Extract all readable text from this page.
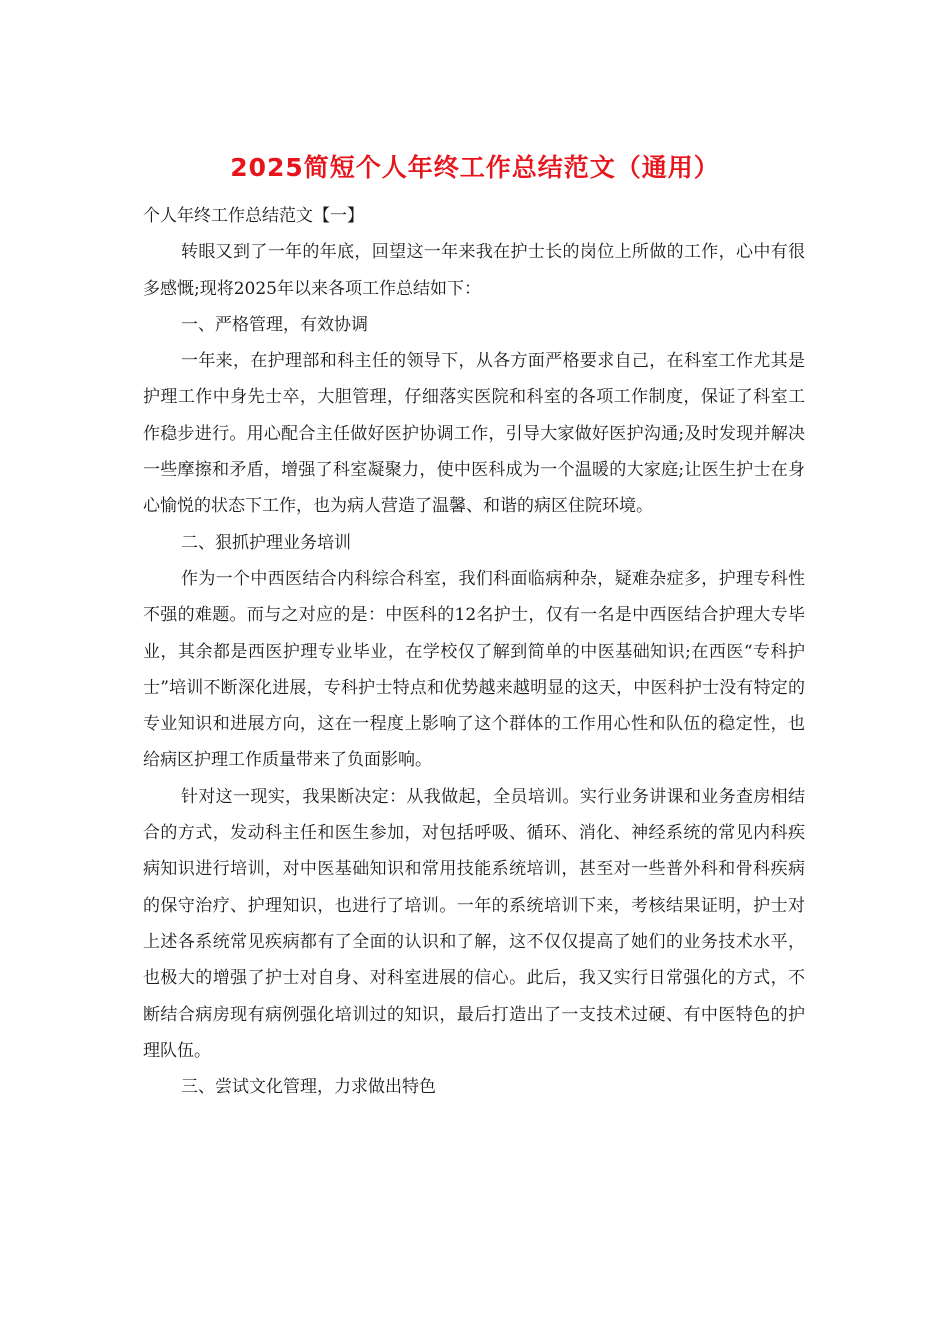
2025简短个人年终工作总结范文（通用）

个人年终工作总结范文【一】

转眼又到了一年的年底，回望这一年来我在护士长的岗位上所做的工作，心中有很多感慨;现将2025年以来各项工作总结如下：

一、严格管理，有效协调

一年来，在护理部和科主任的领导下，从各方面严格要求自己，在科室工作尤其是护理工作中身先士卒，大胆管理，仔细落实医院和科室的各项工作制度，保证了科室工作稳步进行。用心配合主任做好医护协调工作，引导大家做好医护沟通;及时发现并解决一些摩擦和矛盾，增强了科室凝聚力，使中医科成为一个温暖的大家庭;让医生护士在身心愉悦的状态下工作，也为病人营造了温馨、和谐的病区住院环境。

二、狠抓护理业务培训

作为一个中西医结合内科综合科室，我们科面临病种杂，疑难杂症多，护理专科性不强的难题。而与之对应的是：中医科的12名护士，仅有一名是中西医结合护理大专毕业，其余都是西医护理专业毕业，在学校仅了解到简单的中医基础知识;在西医“专科护士”培训不断深化进展，专科护士特点和优势越来越明显的这天，中医科护士没有特定的专业知识和进展方向，这在一程度上影响了这个群体的工作用心性和队伍的稳定性，也给病区护理工作质量带来了负面影响。

针对这一现实，我果断决定：从我做起，全员培训。实行业务讲课和业务查房相结合的方式，发动科主任和医生参加，对包括呼吸、循环、消化、神经系统的常见内科疾病知识进行培训，对中医基础知识和常用技能系统培训，甚至对一些普外科和骨科疾病的保守治疗、护理知识，也进行了培训。一年的系统培训下来，考核结果证明，护士对上述各系统常见疾病都有了全面的认识和了解，这不仅仅提高了她们的业务技术水平，也极大的增强了护士对自身、对科室进展的信心。此后，我又实行日常强化的方式，不断结合病房现有病例强化培训过的知识，最后打造出了一支技术过硬、有中医特色的护理队伍。

三、尝试文化管理，力求做出特色
